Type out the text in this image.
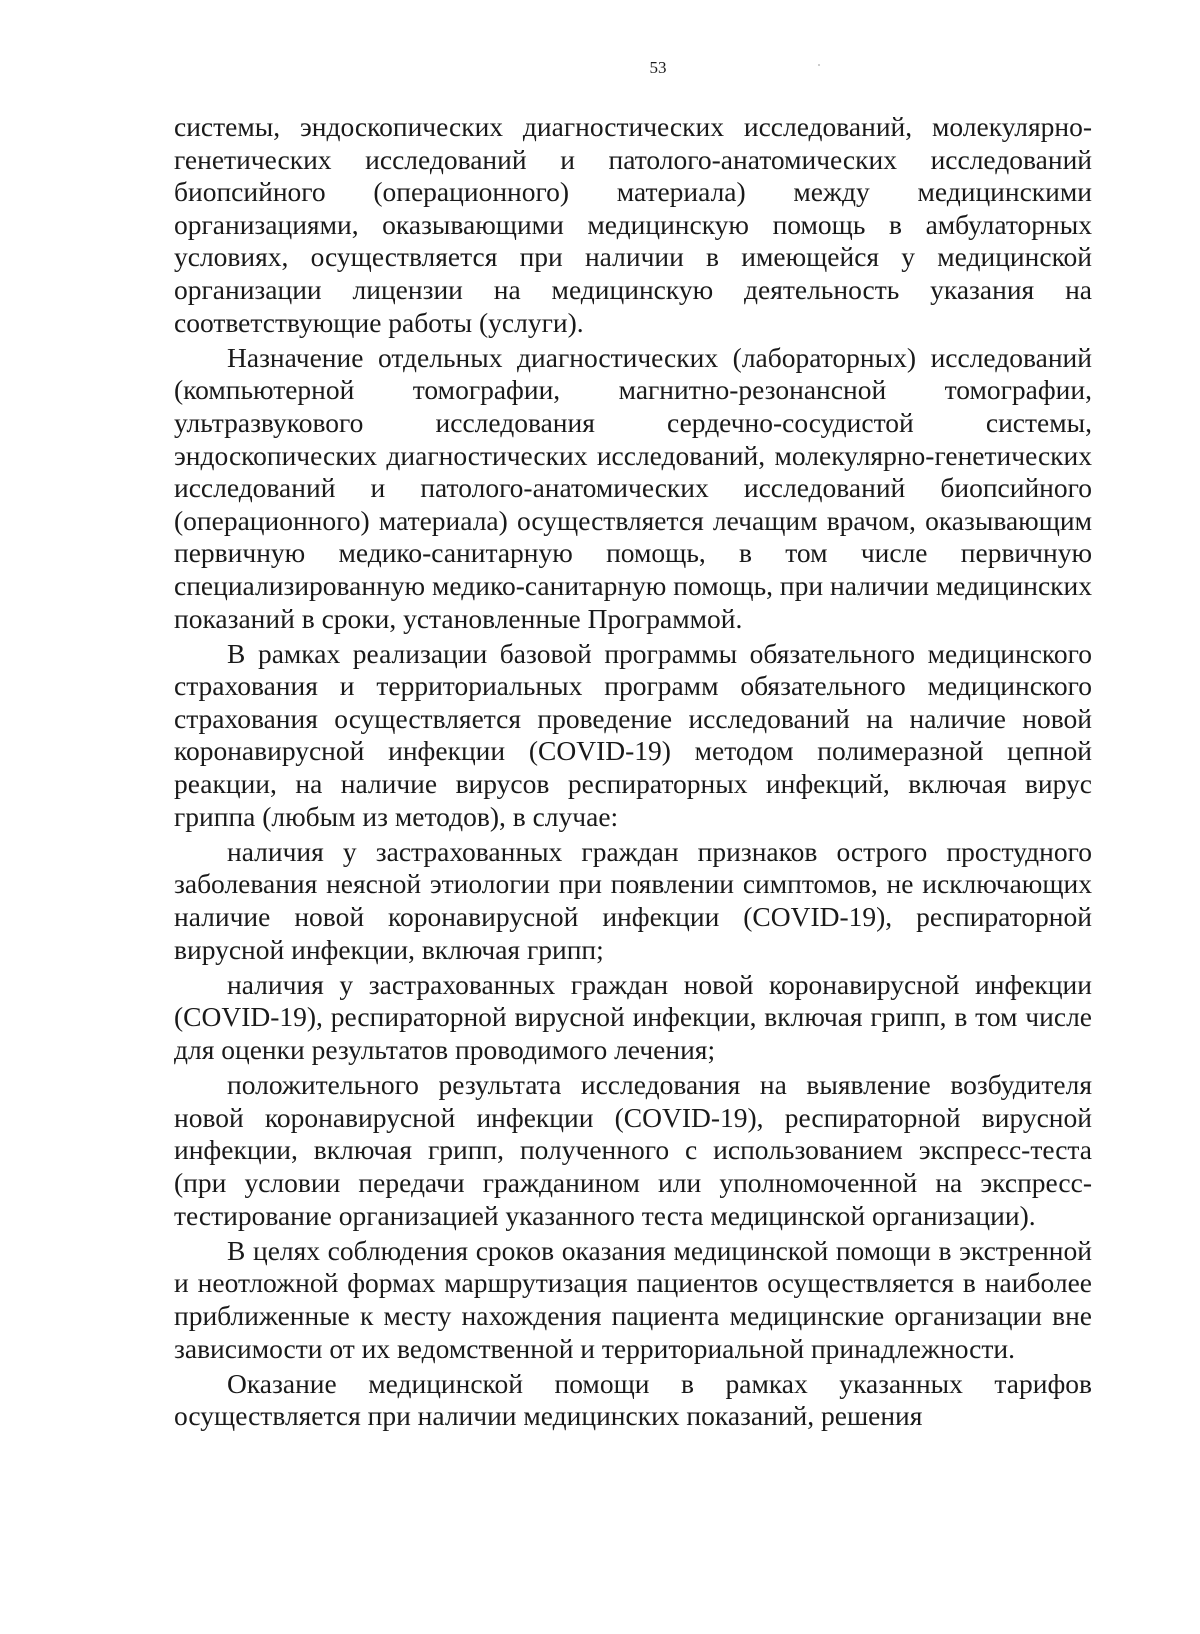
53

системы, эндоскопических диагностических исследований, молекулярно-генетических исследований и патолого-анатомических исследований биопсийного (операционного) материала) между медицинскими организациями, оказывающими медицинскую помощь в амбулаторных условиях, осуществляется при наличии в имеющейся у медицинской организации лицензии на медицинскую деятельность указания на соответствующие работы (услуги).

Назначение отдельных диагностических (лабораторных) исследований (компьютерной томографии, магнитно-резонансной томографии, ультразвукового исследования сердечно-сосудистой системы, эндоскопических диагностических исследований, молекулярно-генетических исследований и патолого-анатомических исследований биопсийного (операционного) материала) осуществляется лечащим врачом, оказывающим первичную медико-санитарную помощь, в том числе первичную специализированную медико-санитарную помощь, при наличии медицинских показаний в сроки, установленные Программой.

В рамках реализации базовой программы обязательного медицинского страхования и территориальных программ обязательного медицинского страхования осуществляется проведение исследований на наличие новой коронавирусной инфекции (COVID-19) методом полимеразной цепной реакции, на наличие вирусов респираторных инфекций, включая вирус гриппа (любым из методов), в случае:

наличия у застрахованных граждан признаков острого простудного заболевания неясной этиологии при появлении симптомов, не исключающих наличие новой коронавирусной инфекции (COVID-19), респираторной вирусной инфекции, включая грипп;

наличия у застрахованных граждан новой коронавирусной инфекции (COVID-19), респираторной вирусной инфекции, включая грипп, в том числе для оценки результатов проводимого лечения;

положительного результата исследования на выявление возбудителя новой коронавирусной инфекции (COVID-19), респираторной вирусной инфекции, включая грипп, полученного с использованием экспресс-теста (при условии передачи гражданином или уполномоченной на экспресс-тестирование организацией указанного теста медицинской организации).

В целях соблюдения сроков оказания медицинской помощи в экстренной и неотложной формах маршрутизация пациентов осуществляется в наиболее приближенные к месту нахождения пациента медицинские организации вне зависимости от их ведомственной и территориальной принадлежности.

Оказание медицинской помощи в рамках указанных тарифов осуществляется при наличии медицинских показаний, решения
